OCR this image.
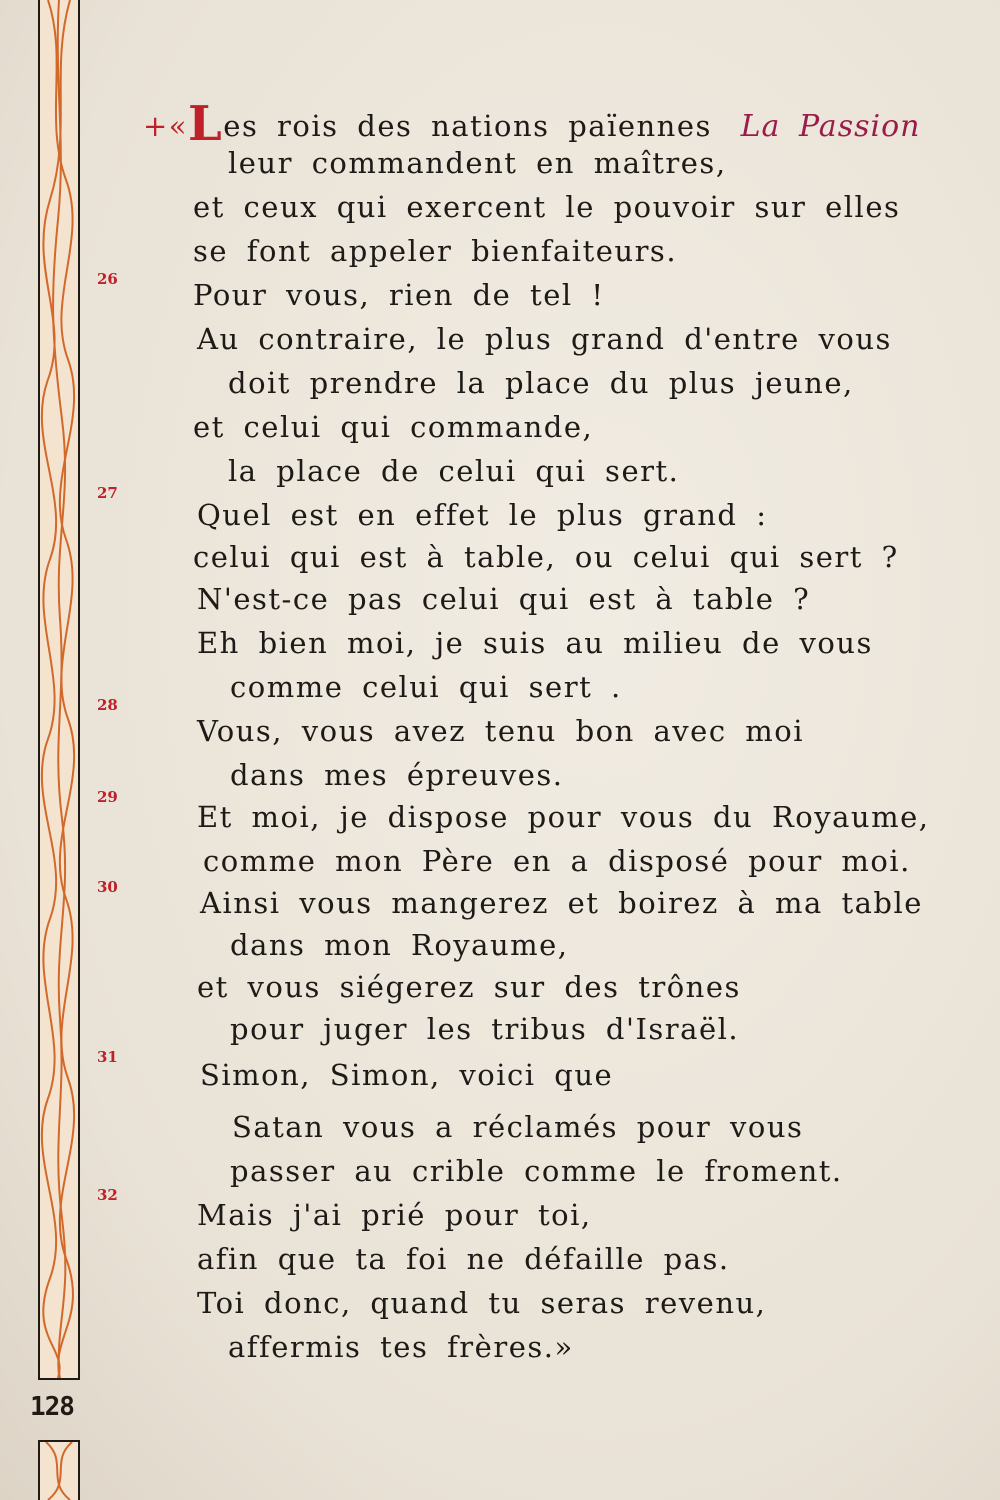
128
26
27
28
29
30
31
32
+«Les rois des nations païennes La Passion
leur commandent en maîtres,
et ceux qui exercent le pouvoir sur elles
se font appeler bienfaiteurs.
Pour vous, rien de tel !
Au contraire, le plus grand d'entre vous
doit prendre la place du plus jeune,
et celui qui commande,
la place de celui qui sert.
Quel est en effet le plus grand :
celui qui est à table, ou celui qui sert ?
N'est-ce pas celui qui est à table ?
Eh bien moi, je suis au milieu de vous
comme celui qui sert .
Vous, vous avez tenu bon avec moi
dans mes épreuves.
Et moi, je dispose pour vous du Royaume,
comme mon Père en a disposé pour moi.
Ainsi vous mangerez et boirez à ma table
dans mon Royaume,
et vous siégerez sur des trônes
pour juger les tribus d'Israël.
Simon, Simon, voici que
Satan vous a réclamés pour vous
passer au crible comme le froment.
Mais j'ai prié pour toi,
afin que ta foi ne défaille pas.
Toi donc, quand tu seras revenu,
affermis tes frères.»
